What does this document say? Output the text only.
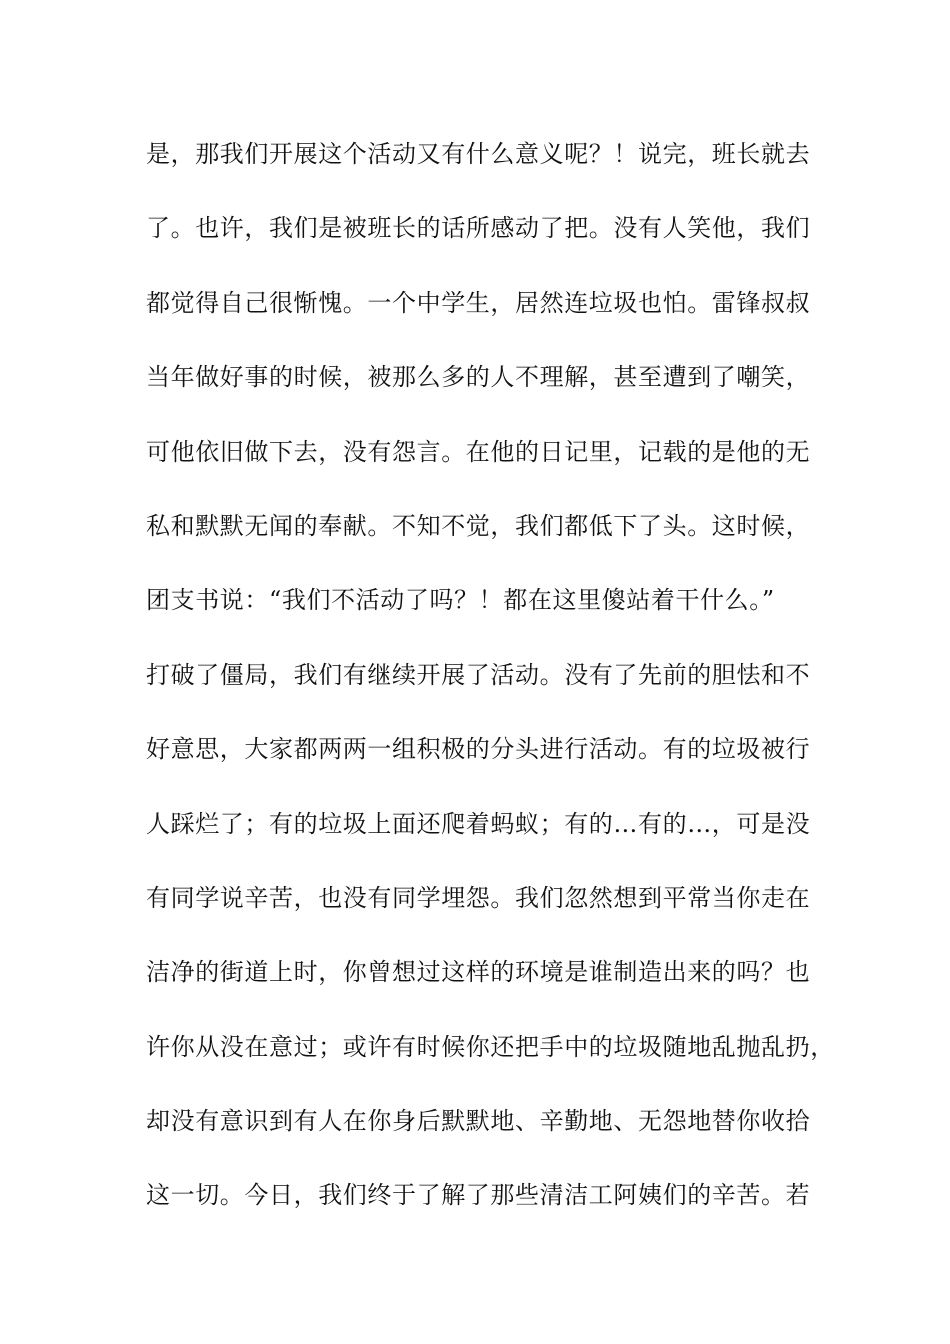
是，那我们开展这个活动又有什么意义呢？！说完，班长就去
了。也许，我们是被班长的话所感动了把。没有人笑他，我们
都觉得自己很惭愧。一个中学生，居然连垃圾也怕。雷锋叔叔
当年做好事的时候，被那么多的人不理解，甚至遭到了嘲笑，
可他依旧做下去，没有怨言。在他的日记里，记载的是他的无
私和默默无闻的奉献。不知不觉，我们都低下了头。这时候，
团支书说：“我们不活动了吗？！都在这里傻站着干什么。”
打破了僵局，我们有继续开展了活动。没有了先前的胆怯和不
好意思，大家都两两一组积极的分头进行活动。有的垃圾被行
人踩烂了；有的垃圾上面还爬着蚂蚁；有的…有的…，可是没
有同学说辛苦，也没有同学埋怨。我们忽然想到平常当你走在
洁净的街道上时，你曾想过这样的环境是谁制造出来的吗？也
许你从没在意过；或许有时候你还把手中的垃圾随地乱抛乱扔，
却没有意识到有人在你身后默默地、辛勤地、无怨地替你收拾
这一切。今日，我们终于了解了那些清洁工阿姨们的辛苦。若
